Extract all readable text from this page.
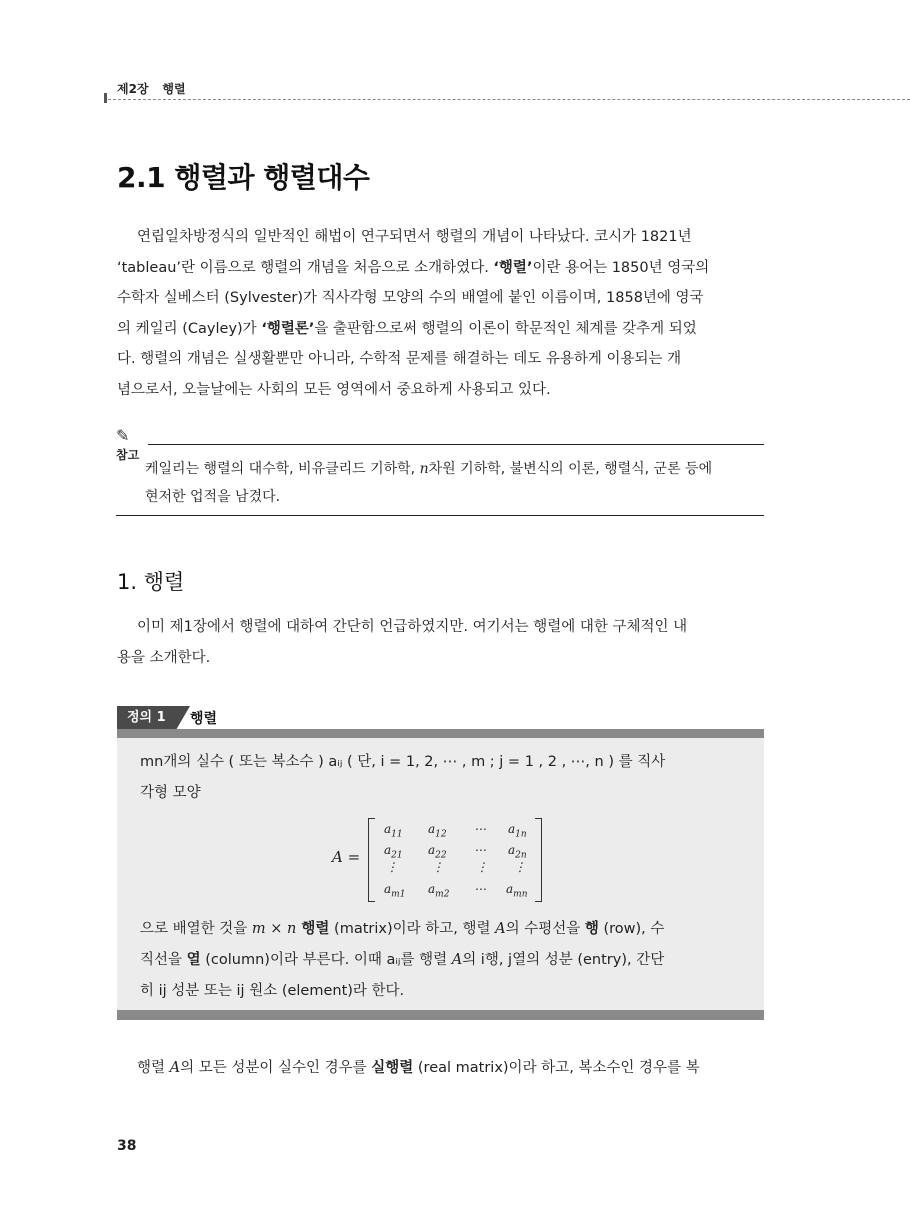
제2장 행렬
2.1 행렬과 행렬대수
연립일차방정식의 일반적인 해법이 연구되면서 행렬의 개념이 나타났다. 코시가 1821년
‘tableau’란 이름으로 행렬의 개념을 처음으로 소개하였다. ‘행렬’이란 용어는 1850년 영국의
수학자 실베스터 (Sylvester)가 직사각형 모양의 수의 배열에 붙인 이름이며, 1858년에 영국
의 케일리 (Cayley)가 ‘행렬론’을 출판함으로써 행렬의 이론이 학문적인 체계를 갖추게 되었
다. 행렬의 개념은 실생활뿐만 아니라, 수학적 문제를 해결하는 데도 유용하게 이용되는 개
념으로서, 오늘날에는 사회의 모든 영역에서 중요하게 사용되고 있다.
✎
참고
케일리는 행렬의 대수학, 비유클리드 기하학, n차원 기하학, 불변식의 이론, 행렬식, 군론 등에
현저한 업적을 남겼다.
1. 행렬
이미 제1장에서 행렬에 대하여 간단히 언급하였지만. 여기서는 행렬에 대한 구체적인 내
용을 소개한다.
정의 1	행렬
mn개의 실수 ( 또는 복소수 ) aᵢⱼ ( 단, i = 1, 2, ⋯ , m ; j = 1 , 2 , ⋯, n ) 를 직사
각형 모양
A =
$a_{11}$ $a_{12}$ ⋯ $a_{1n}$
$a_{21}$ $a_{22}$ ⋯ $a_{2n}$
⋮	⋮	⋮ ⋮
$a_{m1}$ $a_{m2}$ ⋯ $a_{mn}$
으로 배열한 것을 m × n 행렬 (matrix)이라 하고, 행렬 A의 수평선을 행 (row), 수
직선을 열 (column)이라 부른다. 이때 aᵢⱼ를 행렬 A의 i행, j열의 성분 (entry), 간단
히 ij 성분 또는 ij 원소 (element)라 한다.
행렬 A의 모든 성분이 실수인 경우를 실행렬 (real matrix)이라 하고, 복소수인 경우를 복
38
